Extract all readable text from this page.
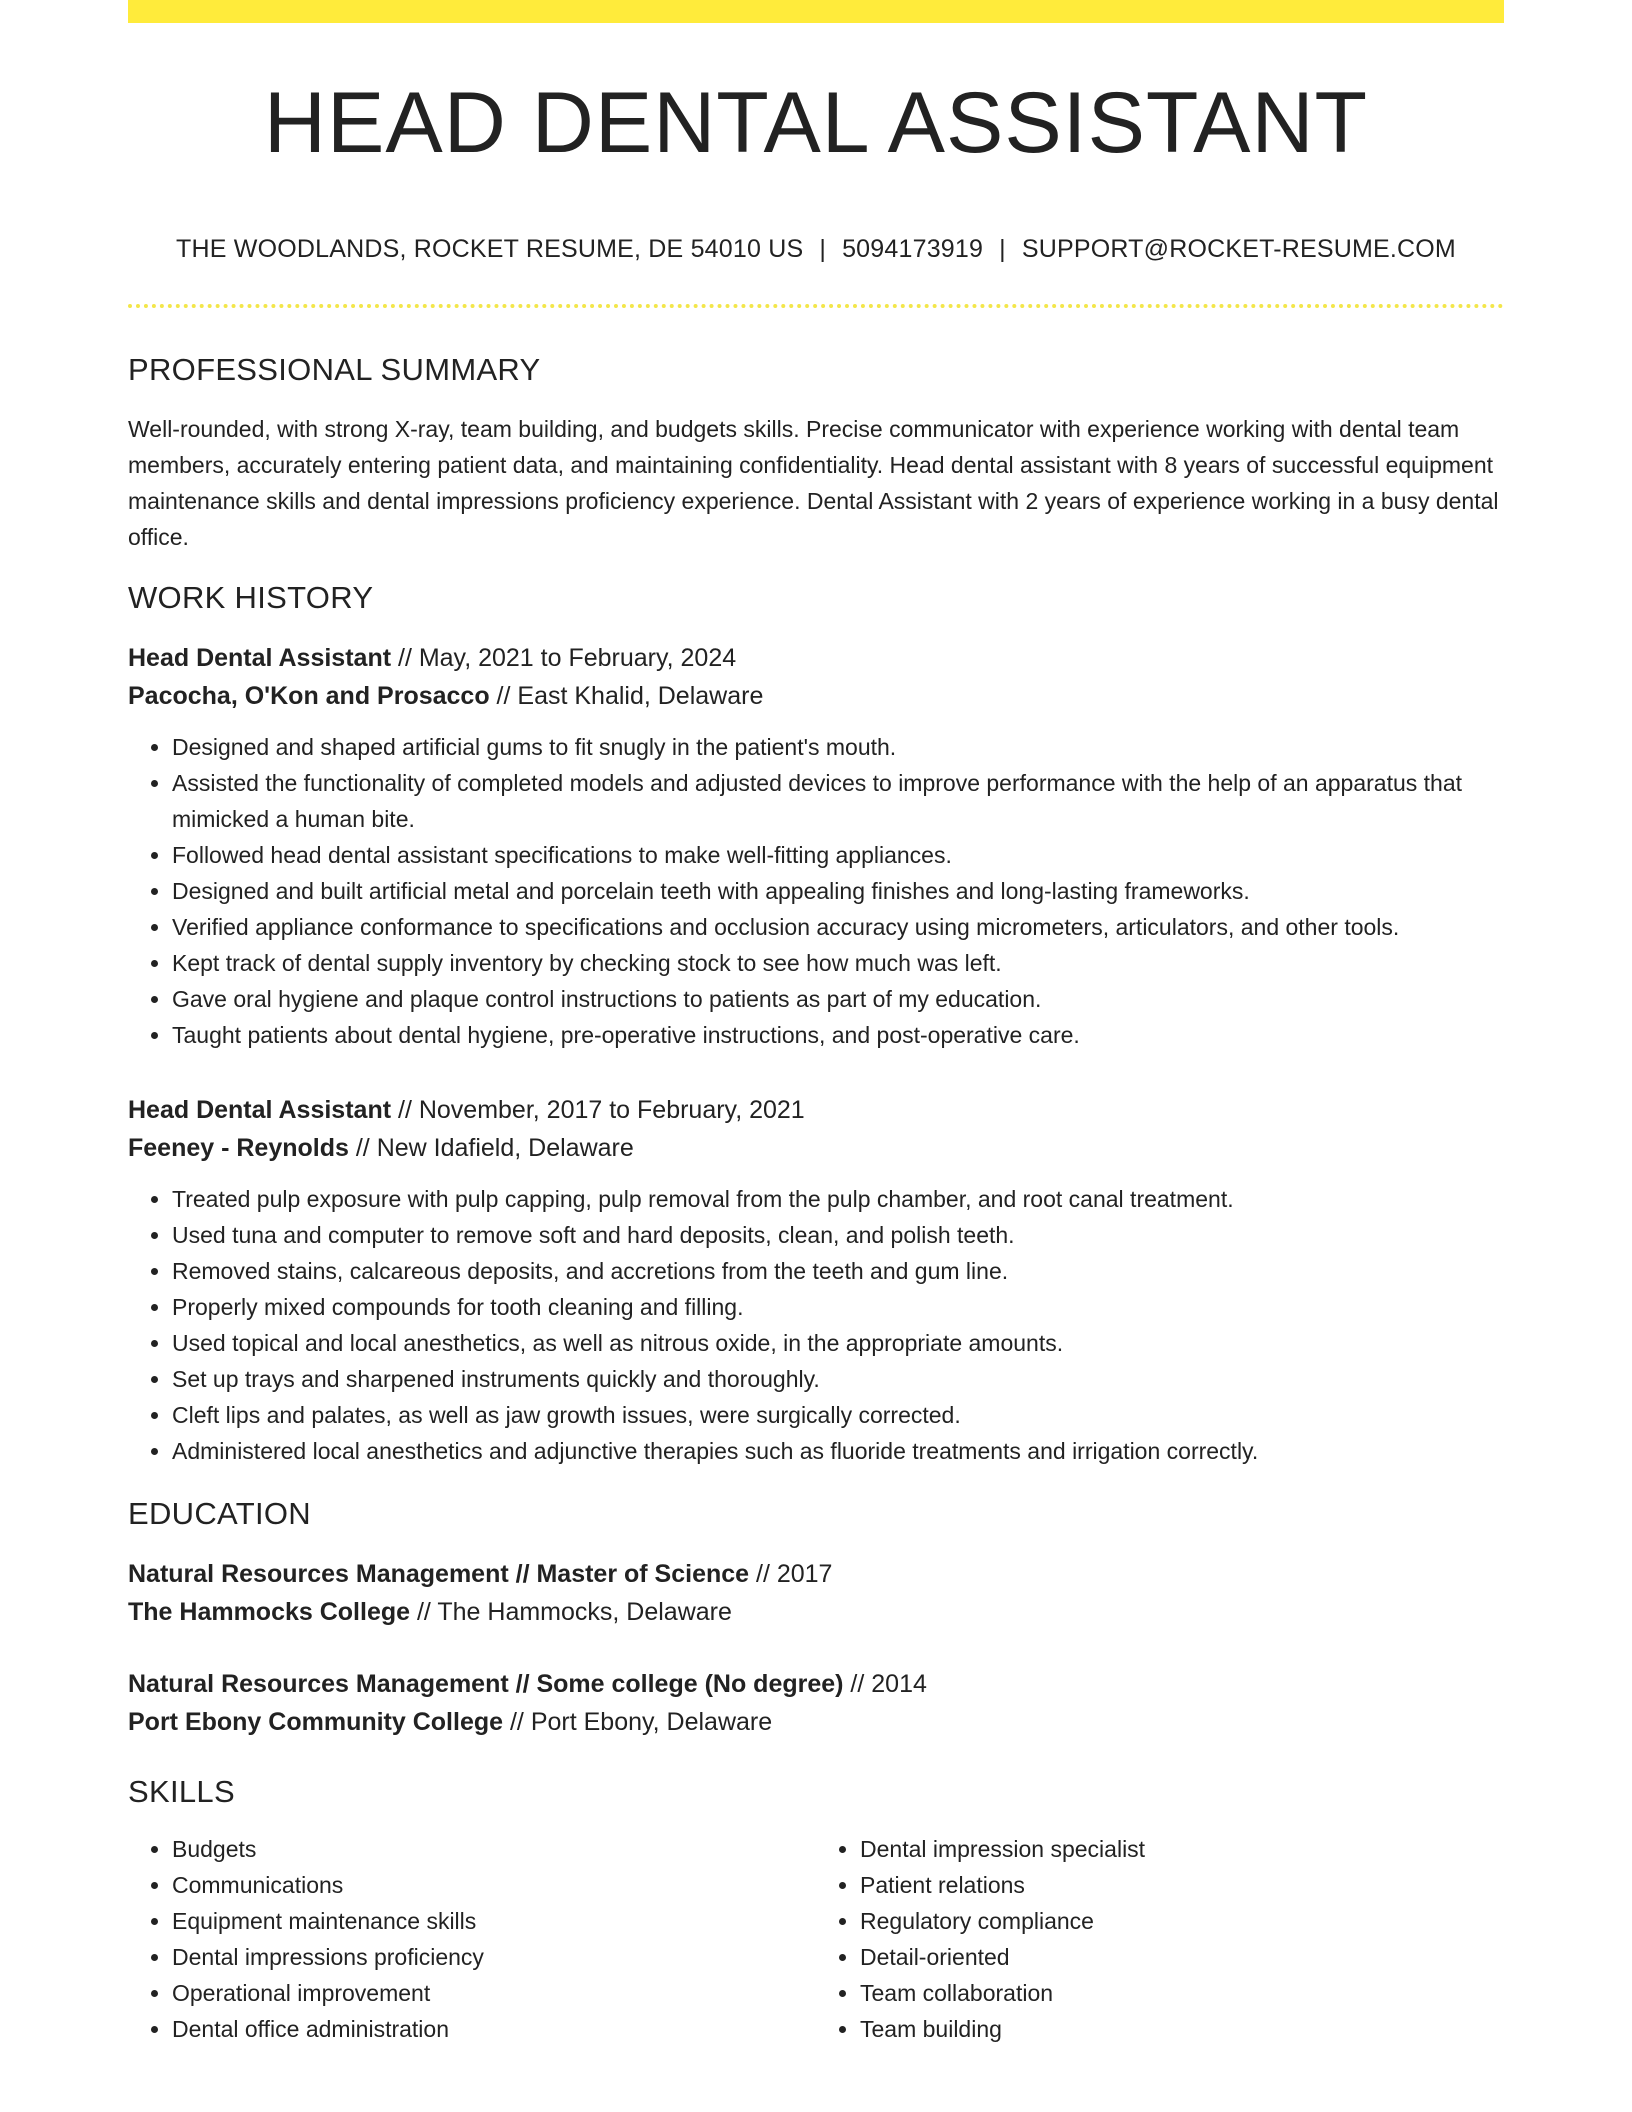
HEAD DENTAL ASSISTANT
THE WOODLANDS, ROCKET RESUME, DE 54010 US | 5094173919 | SUPPORT@ROCKET-RESUME.COM
PROFESSIONAL SUMMARY

Well-rounded, with strong X-ray, team building, and budgets skills. Precise communicator with experience working with dental team members, accurately entering patient data, and maintaining confidentiality. Head dental assistant with 8 years of successful equipment maintenance skills and dental impressions proficiency experience. Dental Assistant with 2 years of experience working in a busy dental office.

WORK HISTORY
Head Dental Assistant // May, 2021 to February, 2024
Pacocha, O'Kon and Prosacco // East Khalid, Delaware
• Designed and shaped artificial gums to fit snugly in the patient's mouth.
• Assisted the functionality of completed models and adjusted devices to improve performance with the help of an apparatus that mimicked a human bite.
• Followed head dental assistant specifications to make well-fitting appliances.
• Designed and built artificial metal and porcelain teeth with appealing finishes and long-lasting frameworks.
• Verified appliance conformance to specifications and occlusion accuracy using micrometers, articulators, and other tools.
• Kept track of dental supply inventory by checking stock to see how much was left.
• Gave oral hygiene and plaque control instructions to patients as part of my education.
• Taught patients about dental hygiene, pre-operative instructions, and post-operative care.
Head Dental Assistant // November, 2017 to February, 2021
Feeney - Reynolds // New Idafield, Delaware
• Treated pulp exposure with pulp capping, pulp removal from the pulp chamber, and root canal treatment.
• Used tuna and computer to remove soft and hard deposits, clean, and polish teeth.
• Removed stains, calcareous deposits, and accretions from the teeth and gum line.
• Properly mixed compounds for tooth cleaning and filling.
• Used topical and local anesthetics, as well as nitrous oxide, in the appropriate amounts.
• Set up trays and sharpened instruments quickly and thoroughly.
• Cleft lips and palates, as well as jaw growth issues, were surgically corrected.
• Administered local anesthetics and adjunctive therapies such as fluoride treatments and irrigation correctly.
EDUCATION
Natural Resources Management // Master of Science // 2017
The Hammocks College // The Hammocks, Delaware
Natural Resources Management // Some college (No degree) // 2014
Port Ebony Community College // Port Ebony, Delaware
SKILLS
• Budgets
• Communications
• Equipment maintenance skills
• Dental impressions proficiency
• Operational improvement
• Dental office administration
• Dental impression specialist
• Patient relations
• Regulatory compliance
• Detail-oriented
• Team collaboration
• Team building
